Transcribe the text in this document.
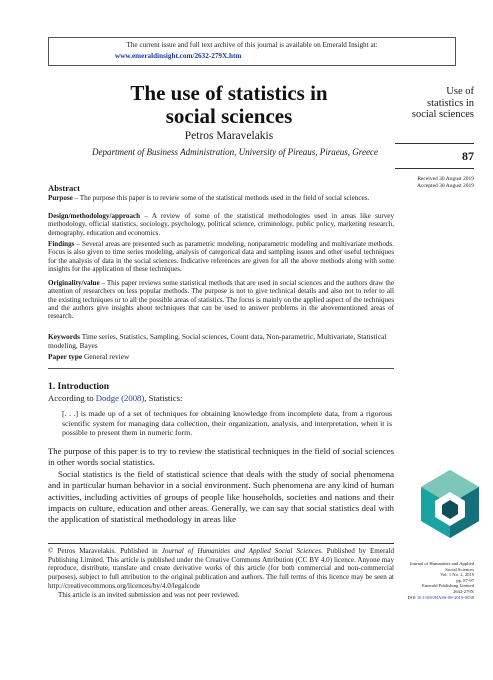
The current issue and full text archive of this journal is available on Emerald Insight at:
www.emeraldinsight.com/2632-279X.htm
The use of statistics in
social sciences
Petros Maravelakis
Department of Business Administration, University of Pireaus, Piraeus, Greece
Use of
statistics in
social sciences
87
Received 30 August 2019
Accepted 30 August 2019
Abstract
Purpose – The purpose this paper is to review some of the statistical methods used in the field of social sciences.
Design/methodology/approach – A review of some of the statistical methodologies used in areas like survey methodology, official statistics, sociology, psychology, political science, criminology, public policy, marketing research, demography, education and economics.
Findings – Several areas are presented such as parametric modeling, nonparametric modeling and multivariate methods. Focus is also given to time series modeling, analysis of categorical data and sampling issues and other useful techniques for the analysis of data in the social sciences. Indicative references are given for all the above methods along with some insights for the application of these techniques.
Originality/value – This paper reviews some statistical methods that are used in social sciences and the authors draw the attention of researchers on less popular methods. The purpose is not to give technical details and also not to refer to all the existing techniques or to all the possible areas of statistics. The focus is mainly on the applied aspect of the techniques and the authors give insights about techniques that can be used to answer problems in the abovementioned areas of research.
Keywords Time series, Statistics, Sampling, Social sciences, Count data, Non-parametric, Multivariate, Statistical modeling, Bayes
Paper type General review
1. Introduction
According to Dodge (2008), Statistics:
[. . .] is made up of a set of techniques for obtaining knowledge from incomplete data, from a rigorous scientific system for managing data collection, their organization, analysis, and interpretation, when it is possible to present them in numeric form.
The purpose of this paper is to try to review the statistical techniques in the field of social sciences in other words social statistics.
Social statistics is the field of statistical science that deals with the study of social phenomena and in particular human behavior in a social environment. Such phenomena are any kind of human activities, including activities of groups of people like households, societies and nations and their impacts on culture, education and other areas. Generally, we can say that social statistics deal with the application of statistical methodology in areas like
© Petros Maravelakis. Published in Journal of Humanities and Applied Social Sciences. Published by Emerald Publishing Limited. This article is published under the Creative Commons Attribution (CC BY 4.0) licence. Anyone may reproduce, distribute, translate and create derivative works of this article (for both commercial and non-commercial purposes), subject to full attribution to the original publication and authors. The full terms of this licence may be seen at http://creativecommons.org/licences/by/4.0/legalcode
This article is an invited submission and was not peer reviewed.
Journal of Humanities and Applied
Social Sciences
Vol. 1 No. 2, 2019
pp. 87-97
Emerald Publishing Limited
2632-279X
DOI 10.1108/JHASS-08-2019-0038
